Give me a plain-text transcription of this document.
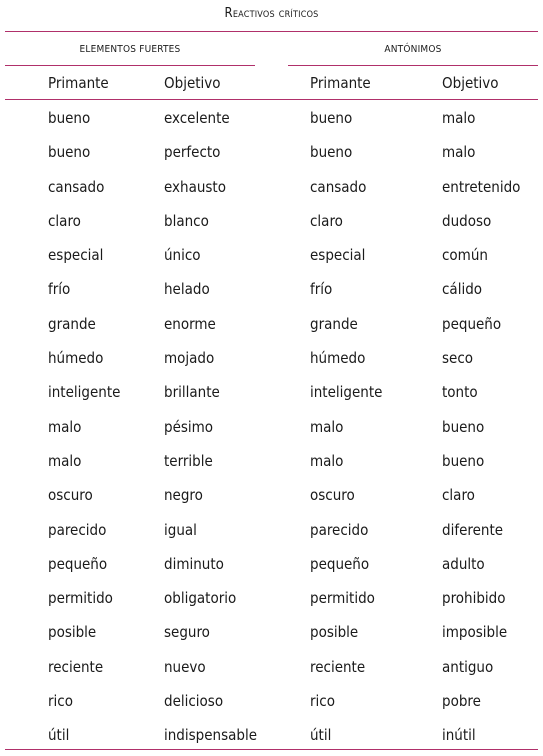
Reactivos críticos
ELEMENTOS FUERTES	ANTÓNIMOS
Primante	Objetivo	Primante	Objetivo
bueno	excelente	bueno	malo
bueno	perfecto	bueno	malo
cansado	exhausto	cansado	entretenido
claro	blanco	claro	dudoso
especial	único	especial	común
frío	helado	frío	cálido
grande	enorme	grande	pequeño
húmedo	mojado	húmedo	seco
inteligente	brillante	inteligente	tonto
malo	pésimo	malo	bueno
malo	terrible	malo	bueno
oscuro	negro	oscuro	claro
parecido	igual	parecido	diferente
pequeño	diminuto	pequeño	adulto
permitido	obligatorio	permitido	prohibido
posible	seguro	posible	imposible
reciente	nuevo	reciente	antiguo
rico	delicioso	rico	pobre
útil	indispensable	útil	inútil
